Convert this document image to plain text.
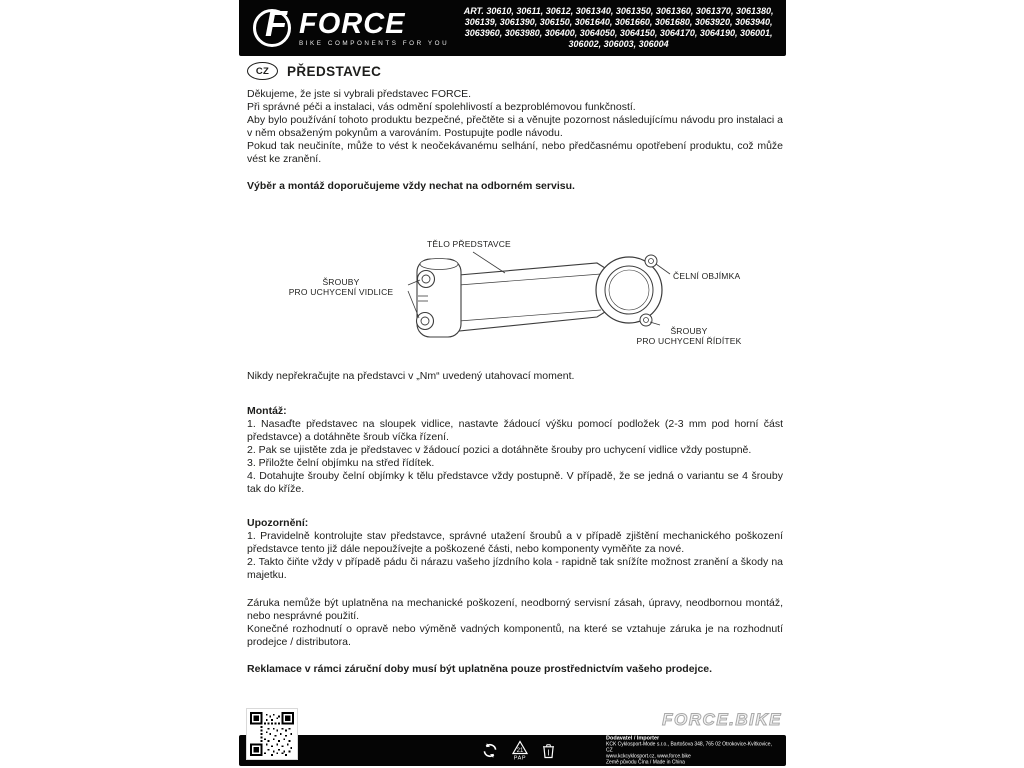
F FORCE
BIKE COMPONENTS FOR YOU
ART. 30610, 30611, 30612, 3061340, 3061350, 3061360, 3061370, 3061380,
306139, 3061390, 306150, 3061640, 3061660, 3061680, 3063920, 3063940,
3063960, 3063980, 306400, 3064050, 3064150, 3064170, 3064190, 306001,
306002, 306003, 306004
CZ	PŘEDSTAVEC

Děkujeme, že jste si vybrali představec FORCE.

Při správné péči a instalaci, vás odmění spolehlivostí a bezproblémovou funkčností.

Aby bylo používání tohoto produktu bezpečné, přečtěte si a věnujte pozornost následujícímu návodu pro instalaci a v něm obsaženým pokynům a varováním. Postupujte podle návodu.

Pokud tak neučiníte, může to vést k neočekávanému selhání, nebo předčasnému opotřebení produktu, což může vést ke zranění.

Výběr a montáž doporučujeme vždy nechat na odborném servisu.

TĚLO PŘEDSTAVCE
ŠROUBY
PRO UCHYCENÍ VIDLICE
ČELNÍ OBJÍMKA
ŠROUBY
PRO UCHYCENÍ ŘÍDÍTEK

Nikdy nepřekračujte na představci v „Nm“ uvedený utahovací moment.

Montáž:

1. Nasaďte představec na sloupek vidlice, nastavte žádoucí výšku pomocí podložek (2-3 mm pod horní část představce) a dotáhněte šroub víčka řízení.

2. Pak se ujistěte zda je představec v žádoucí pozici a dotáhněte šrouby pro uchycení vidlice vždy postupně.

3. Přiložte čelní objímku na střed řídítek.

4. Dotahujte šrouby čelní objímky k tělu představce vždy postupně. V případě, že se jedná o variantu se 4 šrouby tak do kříže.

Upozornění:

1. Pravidelně kontrolujte stav představce, správné utažení šroubů a v případě zjištění mechanického poškození představce tento již dále nepoužívejte a poškozené části, nebo komponenty vyměňte za nové.

2. Takto čiňte vždy v případě pádu či nárazu vašeho jízdního kola - rapidně tak snížíte možnost zranění a škody na majetku.

Záruka nemůže být uplatněna na mechanické poškození, neodborný servisní zásah, úpravy, neodbornou montáž, nebo nesprávné použití.

Konečné rozhodnutí o opravě nebo výměně vadných komponentů, na které se vztahuje záruka je na rozhodnutí prodejce / distributora.

Reklamace v rámci záruční doby musí být uplatněna pouze prostřednictvím vašeho prodejce.

FORCE.BIKE
21
PAP
Dodavatel / Importer
KCK Cyklosport-Mode s.r.o., Bartošova 348, 765 02 Otrokovice-Kvítkovice, CZ
www.kckcyklosport.cz, www.force.bike
Země původu Čína / Made in China
